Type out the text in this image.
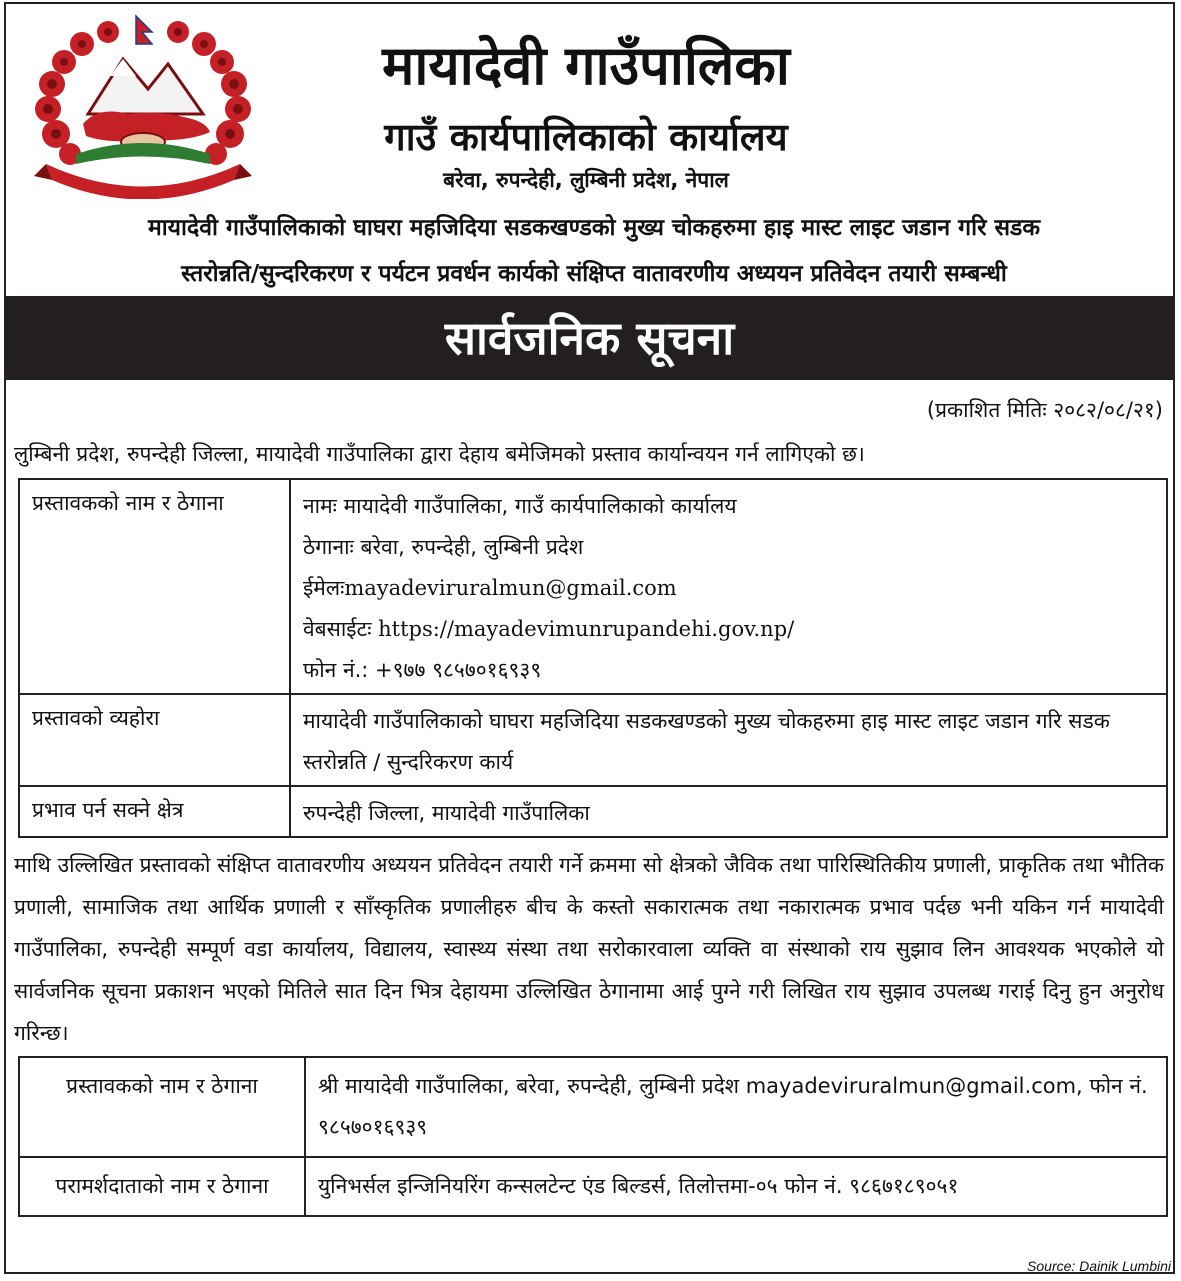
मायादेवी गाउँपालिका
गाउँ कार्यपालिकाको कार्यालय
बरेवा, रुपन्देही, लुम्बिनी प्रदेश, नेपाल
मायादेवी गाउँपालिकाको घाघरा महजिदिया सडकखण्डको मुख्य चोकहरुमा हाइ मास्ट लाइट जडान गरि सडक
स्तरोन्नति/सुन्दरिकरण र पर्यटन प्रवर्धन कार्यको संक्षिप्त वातावरणीय अध्ययन प्रतिवेदन तयारी सम्बन्धी
सार्वजनिक सूचना
(प्रकाशित मितिः २०८२/०८/२१)
लुम्बिनी प्रदेश, रुपन्देही जिल्ला, मायादेवी गाउँपालिका द्वारा देहाय बमेजिमको प्रस्ताव कार्यान्वयन गर्न लागिएको छ।
प्रस्तावकको नाम र ठेगाना	नामः मायादेवी गाउँपालिका, गाउँ कार्यपालिकाको कार्यालय
ठेगानाः बरेवा, रुपन्देही, लुम्बिनी प्रदेश
ईमेलःmayadeviruralmun@gmail.com
वेबसाईटः https://mayadevimunrupandehi.gov.np/
फोन नं.: +९७७ ९८५७०१६९३९

प्रस्तावको व्यहोरा	मायादेवी गाउँपालिकाको घाघरा महजिदिया सडकखण्डको मुख्य चोकहरुमा हाइ मास्ट लाइट जडान गरि सडक स्तरोन्नति / सुन्दरिकरण कार्य
प्रभाव पर्न सक्ने क्षेत्र	रुपन्देही जिल्ला, मायादेवी गाउँपालिका
माथि उल्लिखित प्रस्तावको संक्षिप्त वातावरणीय अध्ययन प्रतिवेदन तयारी गर्ने क्रममा सो क्षेत्रको जैविक तथा पारिस्थितिकीय प्रणाली, प्राकृतिक तथा भौतिक प्रणाली, सामाजिक तथा आर्थिक प्रणाली र साँस्कृतिक प्रणालीहरु बीच के कस्तो सकारात्मक तथा नकारात्मक प्रभाव पर्दछ भनी यकिन गर्न मायादेवी गाउँपालिका, रुपन्देही सम्पूर्ण वडा कार्यालय, विद्यालय, स्वास्थ्य संस्था तथा सरोकारवाला व्यक्ति वा संस्थाको राय सुझाव लिन आवश्यक भएकोले यो सार्वजनिक सूचना प्रकाशन भएको मितिले सात दिन भित्र देहायमा उल्लिखित ठेगानामा आई पुग्ने गरी लिखित राय सुझाव उपलब्ध गराई दिनु हुन अनुरोध गरिन्छ।
प्रस्तावकको नाम र ठेगाना	श्री मायादेवी गाउँपालिका, बरेवा, रुपन्देही, लुम्बिनी प्रदेश mayadeviruralmun@gmail.com, फोन नं. ९८५७०१६९३९
परामर्शदाताको नाम र ठेगाना	युनिभर्सल इन्जिनियरिंग कन्सलटेन्ट एंड बिल्डर्स, तिलोत्तमा-०५ फोन नं. ९८६७१८९०५१
Source: Dainik Lumbini
